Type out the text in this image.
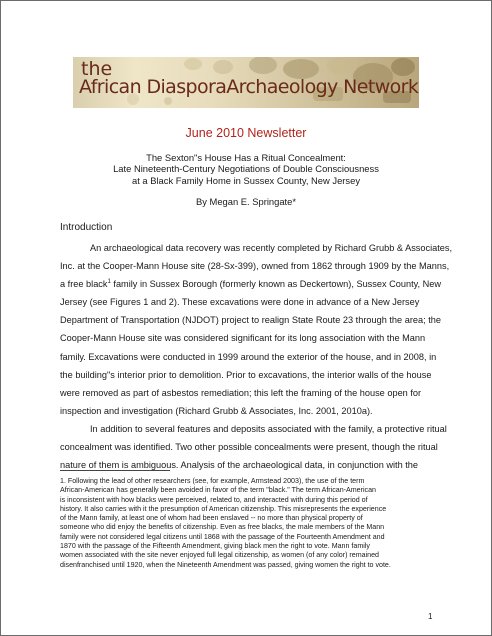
the
African DiasporaArchaeology Network
June 2010 Newsletter
The Sexton"s House Has a Ritual Concealment:
Late Nineteenth-Century Negotiations of Double Consciousness
at a Black Family Home in Sussex County, New Jersey
By Megan E. Springate*
Introduction
An archaeological data recovery was recently completed by Richard Grubb & Associates,
Inc. at the Cooper-Mann House site (28-Sx-399), owned from 1862 through 1909 by the Manns,
a free black$^1$ family in Sussex Borough (formerly known as Deckertown), Sussex County, New
Jersey (see Figures 1 and 2). These excavations were done in advance of a New Jersey
Department of Transportation (NJDOT) project to realign State Route 23 through the area; the
Cooper-Mann House site was considered significant for its long association with the Mann
family. Excavations were conducted in 1999 around the exterior of the house, and in 2008, in
the building"s interior prior to demolition. Prior to excavations, the interior walls of the house
were removed as part of asbestos remediation; this left the framing of the house open for
inspection and investigation (Richard Grubb & Associates, Inc. 2001, 2010a).
In addition to several features and deposits associated with the family, a protective ritual
concealment was identified. Two other possible concealments were present, though the ritual
nature of them is ambiguous. Analysis of the archaeological data, in conjunction with the
1. Following the lead of other researchers (see, for example, Armstead 2003), the use of the term
African-American has generally been avoided in favor of the term "black." The term African-American
is inconsistent with how blacks were perceived, related to, and interacted with during this period of
history. It also carries with it the presumption of American citizenship. This misrepresents the experience
of the Mann family, at least one of whom had been enslaved -- no more than physical property of
someone who did enjoy the benefits of citizenship. Even as free blacks, the male members of the Mann
family were not considered legal citizens until 1868 with the passage of the Fourteenth Amendment and
1870 with the passage of the Fifteenth Amendment, giving black men the right to vote. Mann family
women associated with the site never enjoyed full legal citizenship, as women (of any color) remained
disenfranchised until 1920, when the Nineteenth Amendment was passed, giving women the right to vote.
1
